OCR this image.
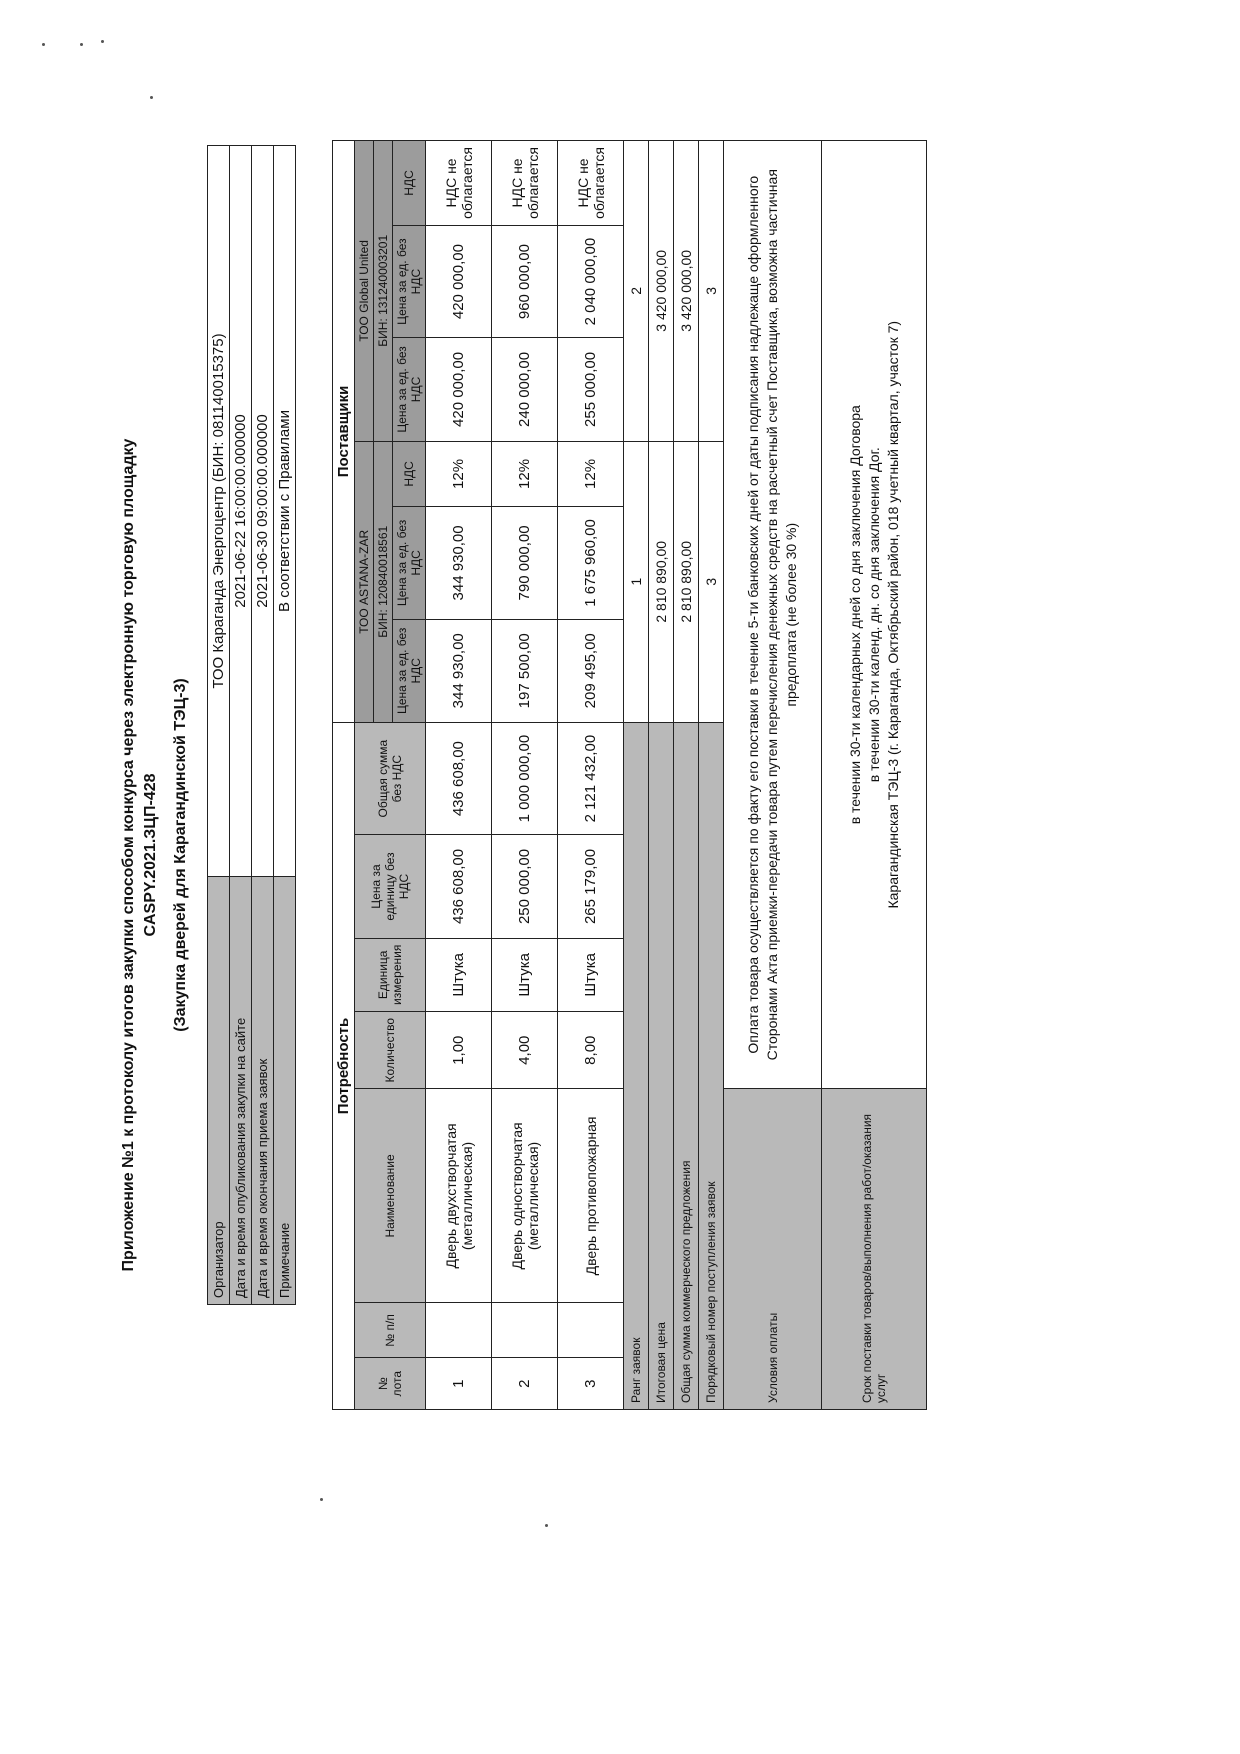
Приложение №1 к протоколу итогов закупки способом конкурса через электронную торговую площадку CASPY.2021.ЗЦП-428 (Закупка дверей для Карагандинской ТЭЦ-3)
Организатор	ТОО Караганда Энергоцентр (БИН: 081140015375)
Дата и время опубликования закупки на сайте	2021-06-22 16:00:00.000000
Дата и время окончания приема заявок	2021-06-30 09:00:00.000000
Примечание	В соответствии с Правилами
Потребность							Поставщики					
№ лота	№ п/п	Наименование	Количество	Единица измерения	Цена за единицу без НДС	Общая сумма без НДС	ТОО ASTANA-ZAR			ТОО Global United		
							БИН: 120840018561			БИН: 131240003201		
							Цена за ед. без НДС	Цена за ед. без НДС	НДС	Цена за ед. без НДС	Цена за ед. без НДС	НДС
1		Дверь двухстворчатая (металлическая)	1,00	Штука	436 608,00	436 608,00	344 930,00	344 930,00	12%	420 000,00	420 000,00	НДС не облагается
2		Дверь одностворчатая (металлическая)	4,00	Штука	250 000,00	1 000 000,00	197 500,00	790 000,00	12%	240 000,00	960 000,00	НДС не облагается
3		Дверь противопожарная	8,00	Штука	265 179,00	2 121 432,00	209 495,00	1 675 960,00	12%	255 000,00	2 040 000,00	НДС не облагается
Ранг заявок							1			2		
Итоговая цена							2 810 890,00			3 420 000,00		
Общая сумма коммерческого предложения							2 810 890,00			3 420 000,00		
Порядковый номер поступления заявок							3			3		
Условия оплаты			Оплата товара осуществляется по факту его поставки в течение 5-ти банковских дней от даты подписания надлежаще оформленного Сторонами Акта приемки-передачи товара путем перечисления денежных средств на расчетный счет Поставщика, возможна частичная предоплата (не более 30 %)									
Срок поставки товаров/выполнения работ/оказания услуг			в течении 30-ти календарных дней со дня заключения Договора в течении 30-ти календ. дн. со дня заключения Дог. Карагандинская ТЭЦ-3 (г. Караганда, Октябрьский район, 018 учетный квартал, участок 7)									
